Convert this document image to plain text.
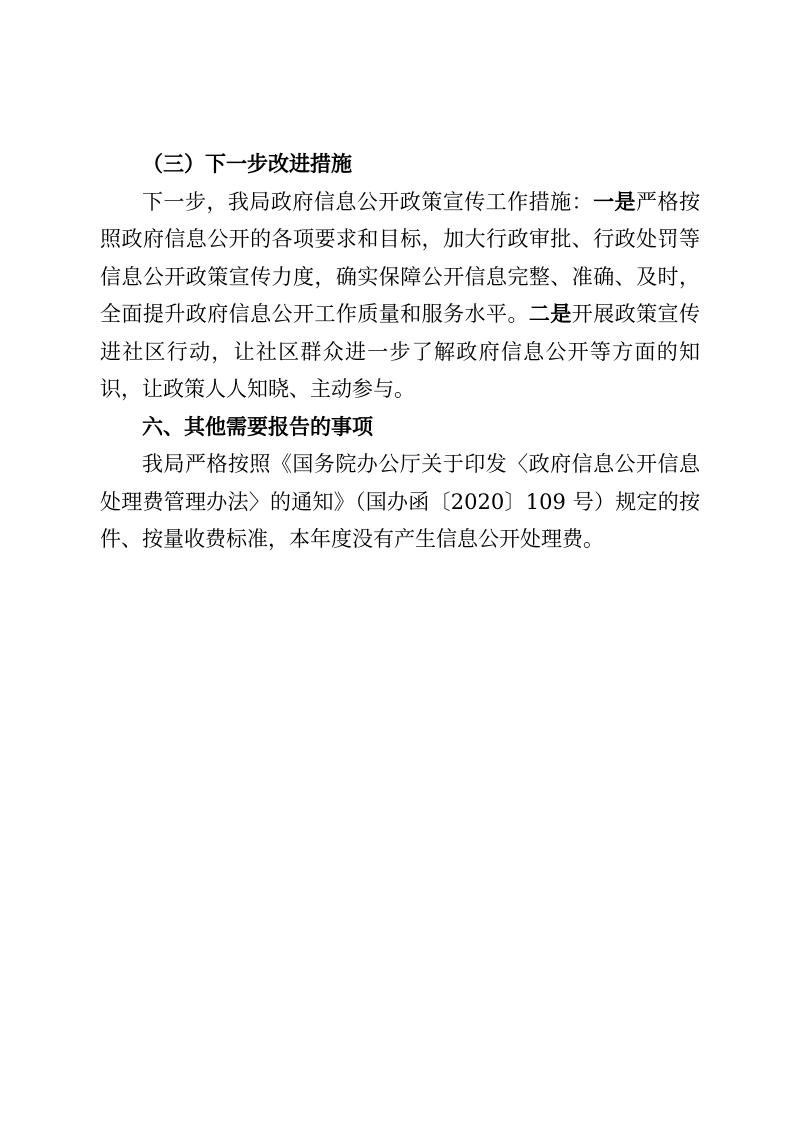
（三）下一步改进措施

下一步，我局政府信息公开政策宣传工作措施：一是严格按照政府信息公开的各项要求和目标，加大行政审批、行政处罚等信息公开政策宣传力度，确实保障公开信息完整、准确、及时，全面提升政府信息公开工作质量和服务水平。二是开展政策宣传进社区行动，让社区群众进一步了解政府信息公开等方面的知识，让政策人人知晓、主动参与。

六、其他需要报告的事项

我局严格按照《国务院办公厅关于印发〈政府信息公开信息处理费管理办法〉的通知》（国办函〔2020〕109 号）规定的按件、按量收费标准，本年度没有产生信息公开处理费。
